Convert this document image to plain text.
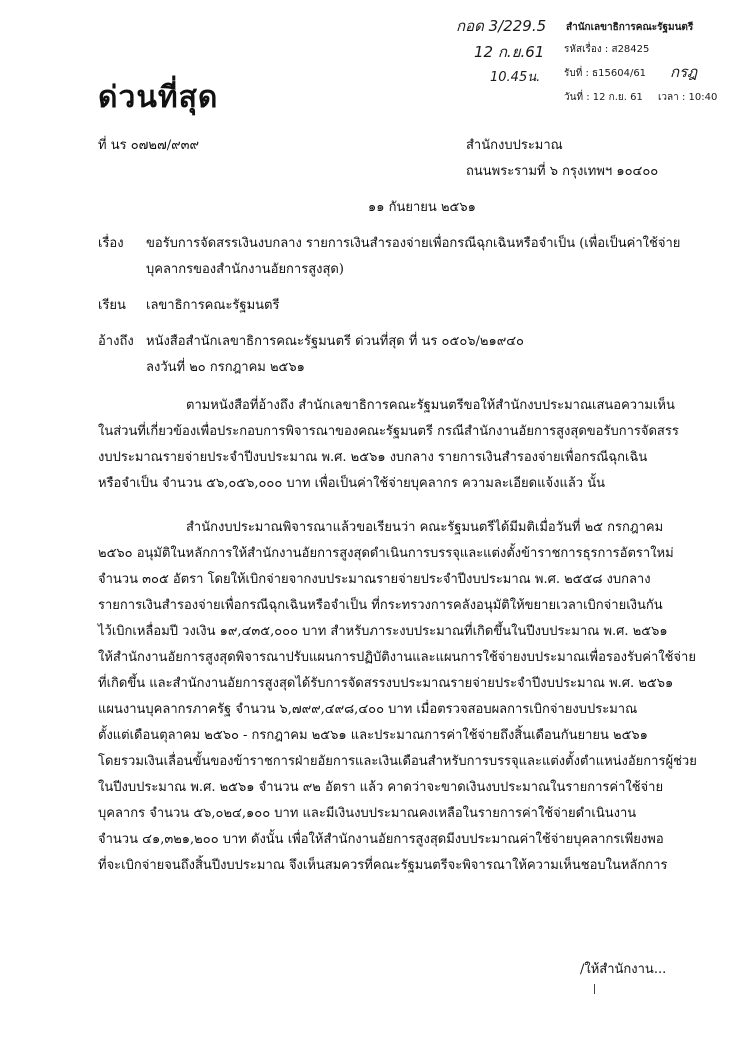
กอด 3/229.5
12 ก.ย.61
10.45น.	กรฎ
สำนักเลขาธิการคณะรัฐมนตรี
รหัสเรื่อง : ส28425
รับที่ : ธ15604/61
วันที่ : 12 ก.ย. 61 เวลา : 10:40
ด่วนที่สุด
ที่ นร ๐๗๒๗/๙๓๙	สำนักงบประมาณ
ถนนพระรามที่ ๖ กรุงเทพฯ ๑๐๔๐๐
๑๑ กันยายน ๒๕๖๑
เรื่อง ขอรับการจัดสรรเงินงบกลาง รายการเงินสำรองจ่ายเพื่อกรณีฉุกเฉินหรือจำเป็น (เพื่อเป็นค่าใช้จ่าย
บุคลากรของสำนักงานอัยการสูงสุด)
เรียน เลขาธิการคณะรัฐมนตรี
อ้างถึง หนังสือสำนักเลขาธิการคณะรัฐมนตรี ด่วนที่สุด ที่ นร ๐๕๐๖/๒๑๙๔๐
ลงวันที่ ๒๐ กรกฎาคม ๒๕๖๑
ตามหนังสือที่อ้างถึง สำนักเลขาธิการคณะรัฐมนตรีขอให้สำนักงบประมาณเสนอความเห็น
ในส่วนที่เกี่ยวข้องเพื่อประกอบการพิจารณาของคณะรัฐมนตรี กรณีสำนักงานอัยการสูงสุดขอรับการจัดสรร
งบประมาณรายจ่ายประจำปีงบประมาณ พ.ศ. ๒๕๖๑ งบกลาง รายการเงินสำรองจ่ายเพื่อกรณีฉุกเฉิน
หรือจำเป็น จำนวน ๕๖,๐๕๖,๐๐๐ บาท เพื่อเป็นค่าใช้จ่ายบุคลากร ความละเอียดแจ้งแล้ว นั้น
สำนักงบประมาณพิจารณาแล้วขอเรียนว่า คณะรัฐมนตรีได้มีมติเมื่อวันที่ ๒๕ กรกฎาคม
๒๕๖๐ อนุมัติในหลักการให้สำนักงานอัยการสูงสุดดำเนินการบรรจุและแต่งตั้งข้าราชการธุรการอัตราใหม่
จำนวน ๓๐๕ อัตรา โดยให้เบิกจ่ายจากงบประมาณรายจ่ายประจำปีงบประมาณ พ.ศ. ๒๕๕๘ งบกลาง
รายการเงินสำรองจ่ายเพื่อกรณีฉุกเฉินหรือจำเป็น ที่กระทรวงการคลังอนุมัติให้ขยายเวลาเบิกจ่ายเงินกัน
ไว้เบิกเหลื่อมปี วงเงิน ๑๙,๔๓๕,๐๐๐ บาท สำหรับภาระงบประมาณที่เกิดขึ้นในปีงบประมาณ พ.ศ. ๒๕๖๑
ให้สำนักงานอัยการสูงสุดพิจารณาปรับแผนการปฏิบัติงานและแผนการใช้จ่ายงบประมาณเพื่อรองรับค่าใช้จ่าย
ที่เกิดขึ้น และสำนักงานอัยการสูงสุดได้รับการจัดสรรงบประมาณรายจ่ายประจำปีงบประมาณ พ.ศ. ๒๕๖๑
แผนงานบุคลากรภาครัฐ จำนวน ๖,๗๙๙,๔๙๘,๔๐๐ บาท เมื่อตรวจสอบผลการเบิกจ่ายงบประมาณ
ตั้งแต่เดือนตุลาคม ๒๕๖๐ - กรกฎาคม ๒๕๖๑ และประมาณการค่าใช้จ่ายถึงสิ้นเดือนกันยายน ๒๕๖๑
โดยรวมเงินเลื่อนขั้นของข้าราชการฝ่ายอัยการและเงินเดือนสำหรับการบรรจุและแต่งตั้งตำแหน่งอัยการผู้ช่วย
ในปีงบประมาณ พ.ศ. ๒๕๖๑ จำนวน ๙๒ อัตรา แล้ว คาดว่าจะขาดเงินงบประมาณในรายการค่าใช้จ่าย
บุคลากร จำนวน ๕๖,๐๒๔,๑๐๐ บาท และมีเงินงบประมาณคงเหลือในรายการค่าใช้จ่ายดำเนินงาน
จำนวน ๔๑,๓๒๑,๒๐๐ บาท ดังนั้น เพื่อให้สำนักงานอัยการสูงสุดมีงบประมาณค่าใช้จ่ายบุคลากรเพียงพอ
ที่จะเบิกจ่ายจนถึงสิ้นปีงบประมาณ จึงเห็นสมควรที่คณะรัฐมนตรีจะพิจารณาให้ความเห็นชอบในหลักการ
/ให้สำนักงาน...
